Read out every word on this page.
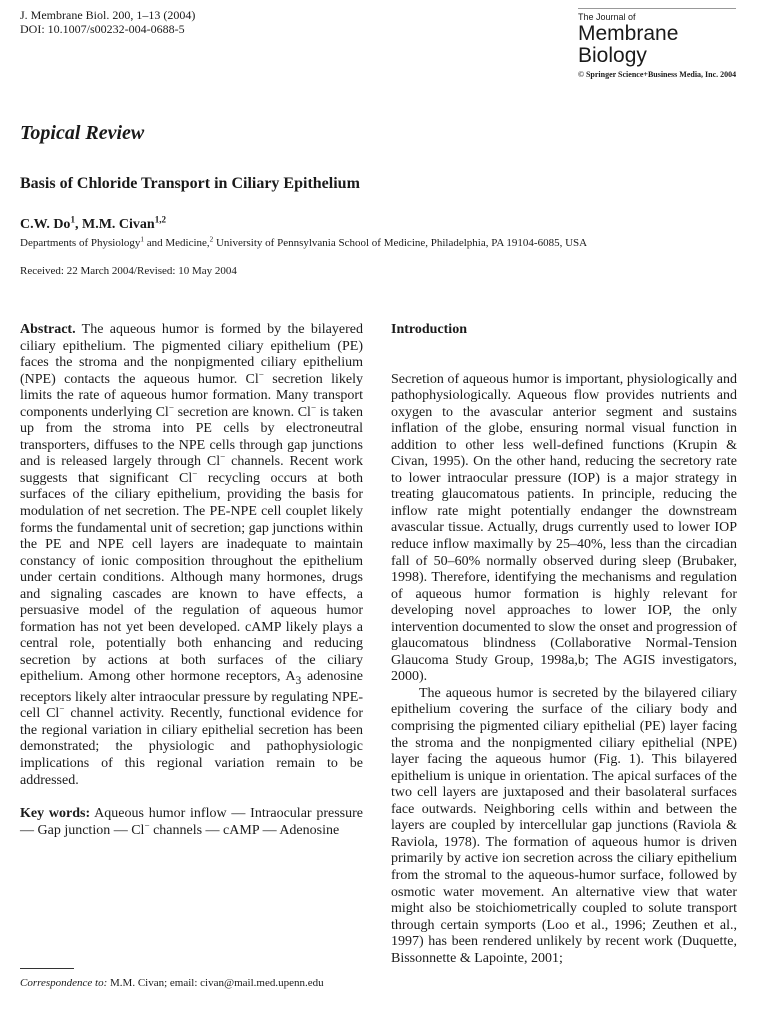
J. Membrane Biol. 200, 1–13 (2004)
DOI: 10.1007/s00232-004-0688-5
The Journal of
Membrane
Biology
© Springer Science+Business Media, Inc. 2004
Topical Review
Basis of Chloride Transport in Ciliary Epithelium
C.W. Do$^1$, M.M. Civan$^{1,2}$
Departments of Physiology$^1$ and Medicine,$^2$ University of Pennsylvania School of Medicine, Philadelphia, PA 19104-6085, USA
Received: 22 March 2004/Revised: 10 May 2004

Abstract. The aqueous humor is formed by the bilayered ciliary epithelium. The pigmented ciliary epithelium (PE) faces the stroma and the nonpigmented ciliary epithelium (NPE) contacts the aqueous humor. Cl− secretion likely limits the rate of aqueous humor formation. Many transport components underlying Cl− secretion are known. Cl− is taken up from the stroma into PE cells by electroneutral transporters, diffuses to the NPE cells through gap junctions and is released largely through Cl− channels. Recent work suggests that significant Cl− recycling occurs at both surfaces of the ciliary epithelium, providing the basis for modulation of net secretion. The PE-NPE cell couplet likely forms the fundamental unit of secretion; gap junctions within the PE and NPE cell layers are inadequate to maintain constancy of ionic composition throughout the epithelium under certain conditions. Although many hormones, drugs and signaling cascades are known to have effects, a persuasive model of the regulation of aqueous humor formation has not yet been developed. cAMP likely plays a central role, potentially both enhancing and reducing secretion by actions at both surfaces of the ciliary epithelium. Among other hormone receptors, $A_3$ adenosine receptors likely alter intraocular pressure by regulating NPE-cell Cl− channel activity. Recently, functional evidence for the regional variation in ciliary epithelial secretion has been demonstrated; the physiologic and pathophysiologic implications of this regional variation remain to be addressed.

Key words: Aqueous humor inflow — Intraocular pressure — Gap junction — Cl− channels — cAMP — Adenosine

Correspondence to: M.M. Civan; email: civan@mail.med.upenn.edu

Introduction

Secretion of aqueous humor is important, physiologically and pathophysiologically. Aqueous flow provides nutrients and oxygen to the avascular anterior segment and sustains inflation of the globe, ensuring normal visual function in addition to other less well-defined functions (Krupin & Civan, 1995). On the other hand, reducing the secretory rate to lower intraocular pressure (IOP) is a major strategy in treating glaucomatous patients. In principle, reducing the inflow rate might potentially endanger the downstream avascular tissue. Actually, drugs currently used to lower IOP reduce inflow maximally by 25–40%, less than the circadian fall of 50–60% normally observed during sleep (Brubaker, 1998). Therefore, identifying the mechanisms and regulation of aqueous humor formation is highly relevant for developing novel approaches to lower IOP, the only intervention documented to slow the onset and progression of glaucomatous blindness (Collaborative Normal-Tension Glaucoma Study Group, 1998a,b; The AGIS investigators, 2000).

The aqueous humor is secreted by the bilayered ciliary epithelium covering the surface of the ciliary body and comprising the pigmented ciliary epithelial (PE) layer facing the stroma and the nonpigmented ciliary epithelial (NPE) layer facing the aqueous humor (Fig. 1). This bilayered epithelium is unique in orientation. The apical surfaces of the two cell layers are juxtaposed and their basolateral surfaces face outwards. Neighboring cells within and between the layers are coupled by intercellular gap junctions (Raviola & Raviola, 1978). The formation of aqueous humor is driven primarily by active ion secretion across the ciliary epithelium from the stromal to the aqueous-humor surface, followed by osmotic water movement. An alternative view that water might also be stoichiometrically coupled to solute transport through certain symports (Loo et al., 1996; Zeuthen et al., 1997) has been rendered unlikely by recent work (Duquette, Bissonnette & Lapointe, 2001;
